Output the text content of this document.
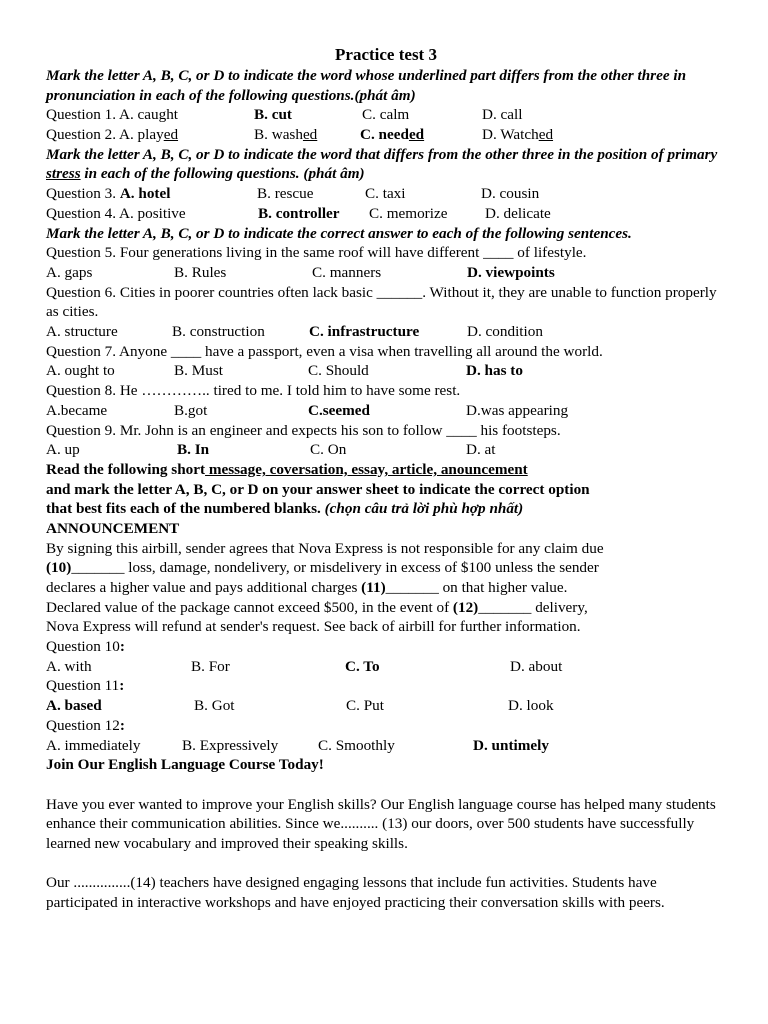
Practice test 3
Mark the letter A, B, C, or D to indicate the word whose underlined part differs from the other three in pronunciation in each of the following questions.(phát âm)
Question 1. A. caught	B. cut	C. calm	D. call
Question 2. A. played	B. washed	C. needed	D. Watched
Mark the letter A, B, C, or D to indicate the word that differs from the other three in the position of primary stress in each of the following questions. (phát âm)
Question 3. A. hotel	B. rescue	C. taxi	D. cousin
Question 4. A. positive	B. controller C. memorize D. delicate
Mark the letter A, B, C, or D to indicate the correct answer to each of the following sentences.
Question 5. Four generations living in the same roof will have different ____ of lifestyle.
A. gaps	B. Rules	C. manners	D. viewpoints
Question 6. Cities in poorer countries often lack basic ______. Without it, they are unable to function properly as cities.
A. structure	B. construction	C. infrastructure	D. condition
Question 7. Anyone ____ have a passport, even a visa when travelling all around the world.
A. ought to	B. Must	C. Should	D. has to
Question 8. He ………….. tired to me. I told him to have some rest.
A.became	B.got	C.seemed	D.was appearing
Question 9. Mr. John is an engineer and expects his son to follow ____ his footsteps.
A. up	B. In	C. On	D. at
Read the following short message, coversation, essay, article, anouncement
and mark the letter A, B, C, or D on your answer sheet to indicate the correct option
that best fits each of the numbered blanks. (chọn câu trả lời phù hợp nhất)
ANNOUNCEMENT
By signing this airbill, sender agrees that Nova Express is not responsible for any claim due
(10)_______ loss, damage, nondelivery, or misdelivery in excess of $100 unless the sender
declares a higher value and pays additional charges (11)_______ on that higher value.
Declared value of the package cannot exceed $500, in the event of (12)_______ delivery,
Nova Express will refund at sender's request. See back of airbill for further information.
Question 10:
A. with	B. For	C. To	D. about
Question 11:
A. based	B. Got	C. Put	D. look
Question 12:
A. immediately	B. Expressively	C. Smoothly	D. untimely
Join Our English Language Course Today!
Have you ever wanted to improve your English skills? Our English language course has helped many students enhance their communication abilities. Since we.......... (13) our doors, over 500 students have successfully learned new vocabulary and improved their speaking skills.
Our ...............(14) teachers have designed engaging lessons that include fun activities. Students have participated in interactive workshops and have enjoyed practicing their conversation skills with peers.
